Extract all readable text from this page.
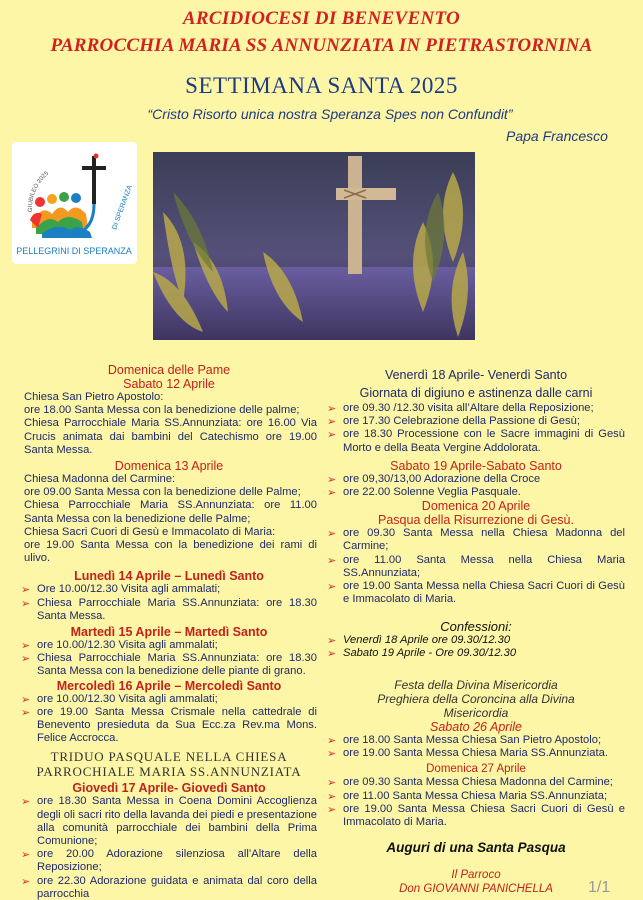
ARCIDIOCESI DI BENEVENTO
PARROCCHIA MARIA SS ANNUNZIATA IN PIETRASTORNINA
SETTIMANA SANTA 2025
“Cristo Risorto unica nostra Speranza Spes non Confundit”
Papa Francesco
GIUBILEO 2025
PELLEGRINI DI SPERANZA
DI SPERANZA
Domenica delle Pame
Sabato 12 Aprile
Chiesa San Pietro Apostolo:
ore 18.00 Santa Messa con la benedizione delle palme;
Chiesa Parrocchiale Maria SS.Annunziata: ore 16.00 Via Crucis animata dai bambini del Catechismo ore 19.00 Santa Messa.
Domenica 13 Aprile
Chiesa Madonna del Carmine:
ore 09.00 Santa Messa con la benedizione delle Palme;
Chiesa Parrocchiale Maria SS.Annunziata: ore 11.00 Santa Messa con la benedizione delle Palme;
Chiesa Sacri Cuori di Gesù e Immacolato di Maria:
ore 19.00 Santa Messa con la benedizione dei rami di ulivo.
Lunedì 14 Aprile – Lunedì Santo
➢ Ore 10.00/12.30 Visita agli ammalati;
➢ Chiesa Parrocchiale Maria SS.Annunziata: ore 18.30 Santa Messa.
Martedì 15 Aprile – Martedì Santo
➢ ore 10.00/12.30 Visita agli ammalati;
➢ Chiesa Parrocchiale Maria SS.Annunziata: ore 18.30 Santa Messa con la benedizione delle piante di grano.
Mercoledì 16 Aprile – Mercoledì Santo
➢ ore 10.00/12.30 Visita agli ammalati;
➢ ore 19.00 Santa Messa Crismale nella cattedrale di Benevento presieduta da Sua Ecc.za Rev.ma Mons. Felice Accrocca.
TRIDUO PASQUALE NELLA CHIESA
PARROCHIALE MARIA SS.ANNUNZIATA
Giovedì 17 Aprile- Giovedì Santo
➢ ore 18.30 Santa Messa in Coena Domini Accoglienza degli oli sacri rito della lavanda dei piedi e presentazione alla comunità parrocchiale dei bambini della Prima Comunione;
➢ ore 20.00 Adorazione silenziosa all’Altare della Reposizione;
➢ ore 22.30 Adorazione guidata e animata dal coro della parrocchia
Venerdì 18 Aprile- Venerdì Santo
Giornata di digiuno e astinenza dalle carni
➢ ore 09.30 /12.30 visita all’Altare della Reposizione;
➢ ore 17.30 Celebrazione della Passione di Gesù;
➢ ore 18.30 Processione con le Sacre immagini di Gesù Morto e della Beata Vergine Addolorata.
Sabato 19 Aprile-Sabato Santo
➢ ore 09,30/13,00 Adorazione della Croce
➢ ore 22.00 Solenne Veglia Pasquale.
Domenica 20 Aprile
Pasqua della Risurrezione di Gesù.
➢ ore 09.30 Santa Messa nella Chiesa Madonna del Carmine;
➢ ore 11.00 Santa Messa nella Chiesa Maria SS.Annunziata;
➢ ore 19.00 Santa Messa nella Chiesa Sacri Cuori di Gesù e Immacolato di Maria.
Confessioni:
➢ Venerdì 18 Aprile ore 09.30/12.30
➢ Sabato 19 Aprile - Ore 09.30/12.30
Festa della Divina Misericordia
Preghiera della Coroncina alla Divina
Misericordia
Sabato 26 Aprile
➢ ore 18.00 Santa Messa Chiesa San Pietro Apostolo;
➢ ore 19.00 Santa Messa Chiesa Maria SS.Annunziata.
Domenica 27 Aprile
➢ ore 09.30 Santa Messa Chiesa Madonna del Carmine;
➢ ore 11.00 Santa Messa Chiesa Maria SS.Annunziata;
➢ ore 19.00 Santa Messa Chiesa Sacri Cuori di Gesù e Immacolato di Maria.
Auguri di una Santa Pasqua
Il Parroco
Don GIOVANNI PANICHELLA	1/1
